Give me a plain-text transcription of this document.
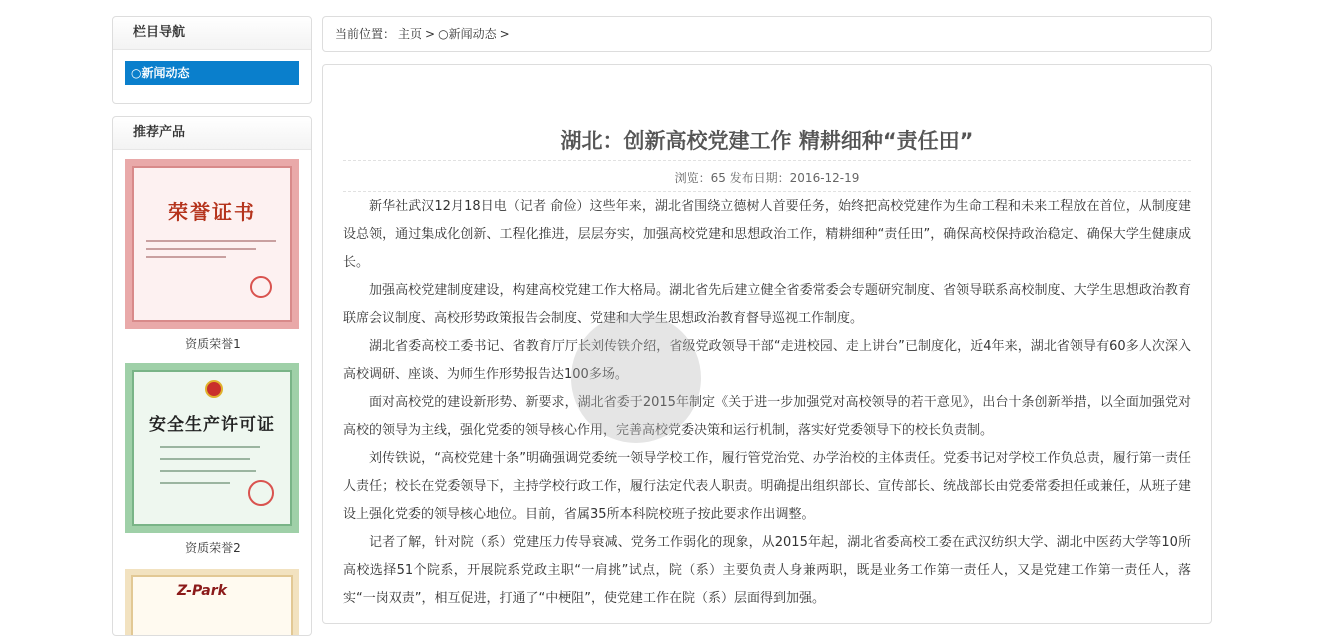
栏目导航
○新闻动态
推荐产品
荣誉证书
资质荣誉1
安全生产许可证
资质荣誉2
Z-Park
当前位置： 主页 > ○新闻动态 >
湖北：创新高校党建工作 精耕细种“责任田”
浏览：65 发布日期：2016-12-19

新华社武汉12月18日电（记者 俞俭）这些年来，湖北省围绕立德树人首要任务，始终把高校党建作为生命工程和未来工程放在首位，从制度建设总领，通过集成化创新、工程化推进，层层夯实，加强高校党建和思想政治工作，精耕细种“责任田”，确保高校保持政治稳定、确保大学生健康成长。

加强高校党建制度建设，构建高校党建工作大格局。湖北省先后建立健全省委常委会专题研究制度、省领导联系高校制度、大学生思想政治教育联席会议制度、高校形势政策报告会制度、党建和大学生思想政治教育督导巡视工作制度。

湖北省委高校工委书记、省教育厅厅长刘传铁介绍，省级党政领导干部“走进校园、走上讲台”已制度化，近4年来，湖北省领导有60多人次深入高校调研、座谈、为师生作形势报告达100多场。

面对高校党的建设新形势、新要求，湖北省委于2015年制定《关于进一步加强党对高校领导的若干意见》，出台十条创新举措，以全面加强党对高校的领导为主线，强化党委的领导核心作用，完善高校党委决策和运行机制，落实好党委领导下的校长负责制。

刘传铁说，“高校党建十条”明确强调党委统一领导学校工作，履行管党治党、办学治校的主体责任。党委书记对学校工作负总责，履行第一责任人责任；校长在党委领导下，主持学校行政工作，履行法定代表人职责。明确提出组织部长、宣传部长、统战部长由党委常委担任或兼任，从班子建设上强化党委的领导核心地位。目前，省属35所本科院校班子按此要求作出调整。

记者了解，针对院（系）党建压力传导衰减、党务工作弱化的现象，从2015年起，湖北省委高校工委在武汉纺织大学、湖北中医药大学等10所高校选择51个院系，开展院系党政主职“一肩挑”试点，院（系）主要负责人身兼两职，既是业务工作第一责任人，又是党建工作第一责任人，落实“一岗双责”，相互促进，打通了“中梗阻”，使党建工作在院（系）层面得到加强。
